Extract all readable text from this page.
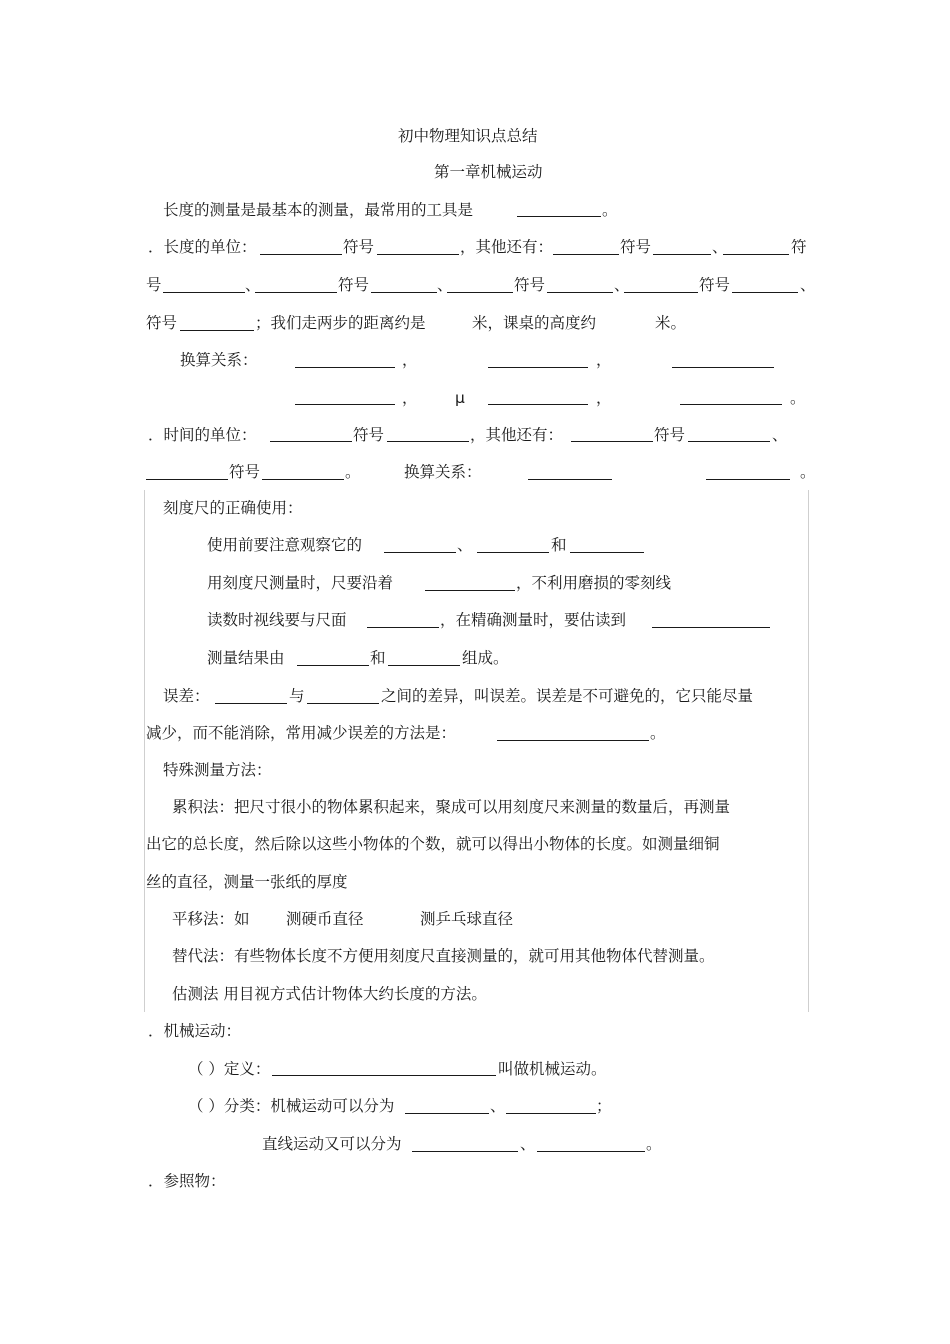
初中物理知识点总结
第一章机械运动
长度的测量是最基本的测量，最常用的工具是	。
．长度的单位：	符号	，其他还有：	符号	、	符
号	、	符号	、	符号	、	符号	、
符号	；我们走两步的距离约是	米，课桌的高度约	米。
换算关系：	，	，
， μ	，	。
．时间的单位：	符号	，其他还有：	符号	、
符号	。	换算关系：	。
刻度尺的正确使用：
使用前要注意观察它的	、	和
用刻度尺测量时，尺要沿着	，不利用磨损的零刻线
读数时视线要与尺面	，在精确测量时，要估读到
测量结果由	和	组成。
误差：	与	之间的差异，叫误差。误差是不可避免的，它只能尽量
减少，而不能消除，常用减少误差的方法是：	。
特殊测量方法：
累积法：把尺寸很小的物体累积起来，聚成可以用刻度尺来测量的数量后，再测量
出它的总长度，然后除以这些小物体的个数，就可以得出小物体的长度。如测量细铜
丝的直径，测量一张纸的厚度
平移法：如 测硬币直径	测乒乓球直径
替代法：有些物体长度不方便用刻度尺直接测量的，就可用其他物体代替测量。
估测法 用目视方式估计物体大约长度的方法。
．机械运动：
（ ）定义：	叫做机械运动。
（ ）分类：机械运动可以分为	、	；
直线运动又可以分为	、	。
．参照物：
